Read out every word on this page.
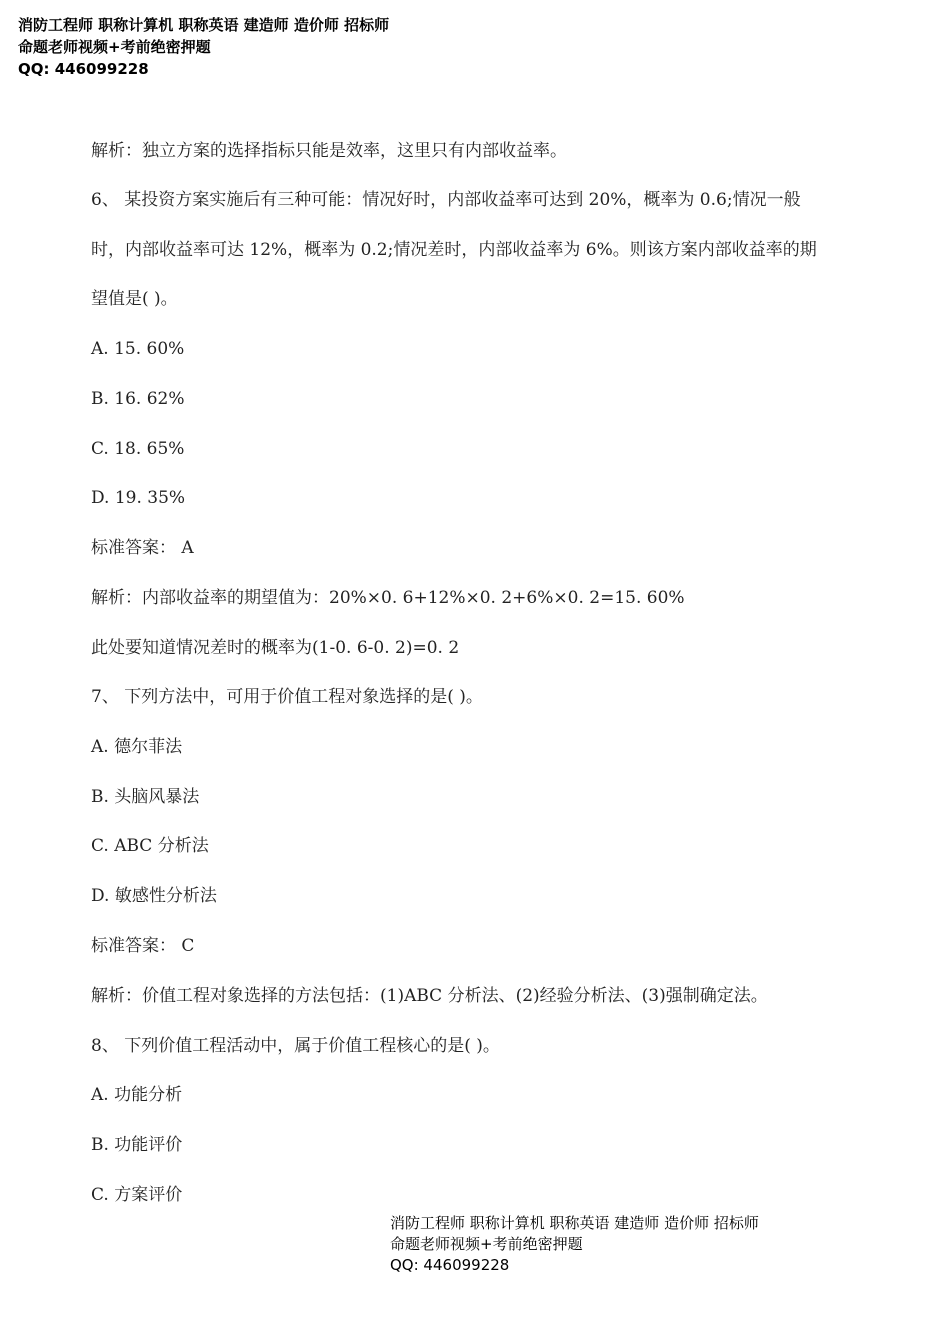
消防工程师 职称计算机 职称英语 建造师 造价师 招标师
命题老师视频+考前绝密押题
QQ: 446099228
解析：独立方案的选择指标只能是效率，这里只有内部收益率。
6、 某投资方案实施后有三种可能：情况好时，内部收益率可达到 20%，概率为 0.6;情况一般
时，内部收益率可达 12%，概率为 0.2;情况差时，内部收益率为 6%。则该方案内部收益率的期
望值是( )。
A. 15. 60%
B. 16. 62%
C. 18. 65%
D. 19. 35%
标准答案： A
解析：内部收益率的期望值为：20%×0. 6+12%×0. 2+6%×0. 2=15. 60%
此处要知道情况差时的概率为(1-0. 6-0. 2)=0. 2
7、 下列方法中，可用于价值工程对象选择的是( )。
A. 德尔菲法
B. 头脑风暴法
C. ABC 分析法
D. 敏感性分析法
标准答案： C
解析：价值工程对象选择的方法包括：(1)ABC 分析法、(2)经验分析法、(3)强制确定法。
8、 下列价值工程活动中，属于价值工程核心的是( )。
A. 功能分析
B. 功能评价
C. 方案评价
消防工程师 职称计算机 职称英语 建造师 造价师 招标师
命题老师视频+考前绝密押题
QQ: 446099228
